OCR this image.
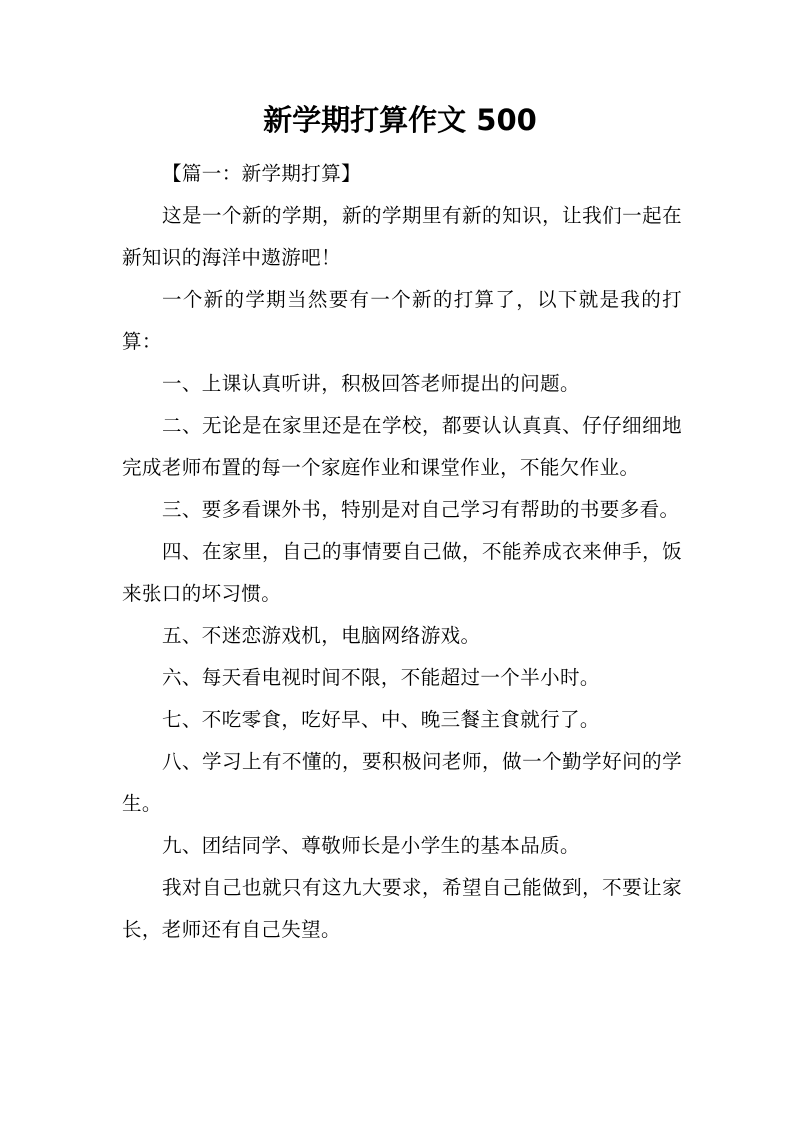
新学期打算作文 500

【篇一：新学期打算】

这是一个新的学期，新的学期里有新的知识，让我们一起在新知识的海洋中遨游吧！

一个新的学期当然要有一个新的打算了，以下就是我的打算：

一、上课认真听讲，积极回答老师提出的问题。

二、无论是在家里还是在学校，都要认认真真、仔仔细细地完成老师布置的每一个家庭作业和课堂作业，不能欠作业。

三、要多看课外书，特别是对自己学习有帮助的书要多看。

四、在家里，自己的事情要自己做，不能养成衣来伸手，饭来张口的坏习惯。

五、不迷恋游戏机，电脑网络游戏。

六、每天看电视时间不限，不能超过一个半小时。

七、不吃零食，吃好早、中、晚三餐主食就行了。

八、学习上有不懂的，要积极问老师，做一个勤学好问的学生。

九、团结同学、尊敬师长是小学生的基本品质。

我对自己也就只有这九大要求，希望自己能做到，不要让家长，老师还有自己失望。
